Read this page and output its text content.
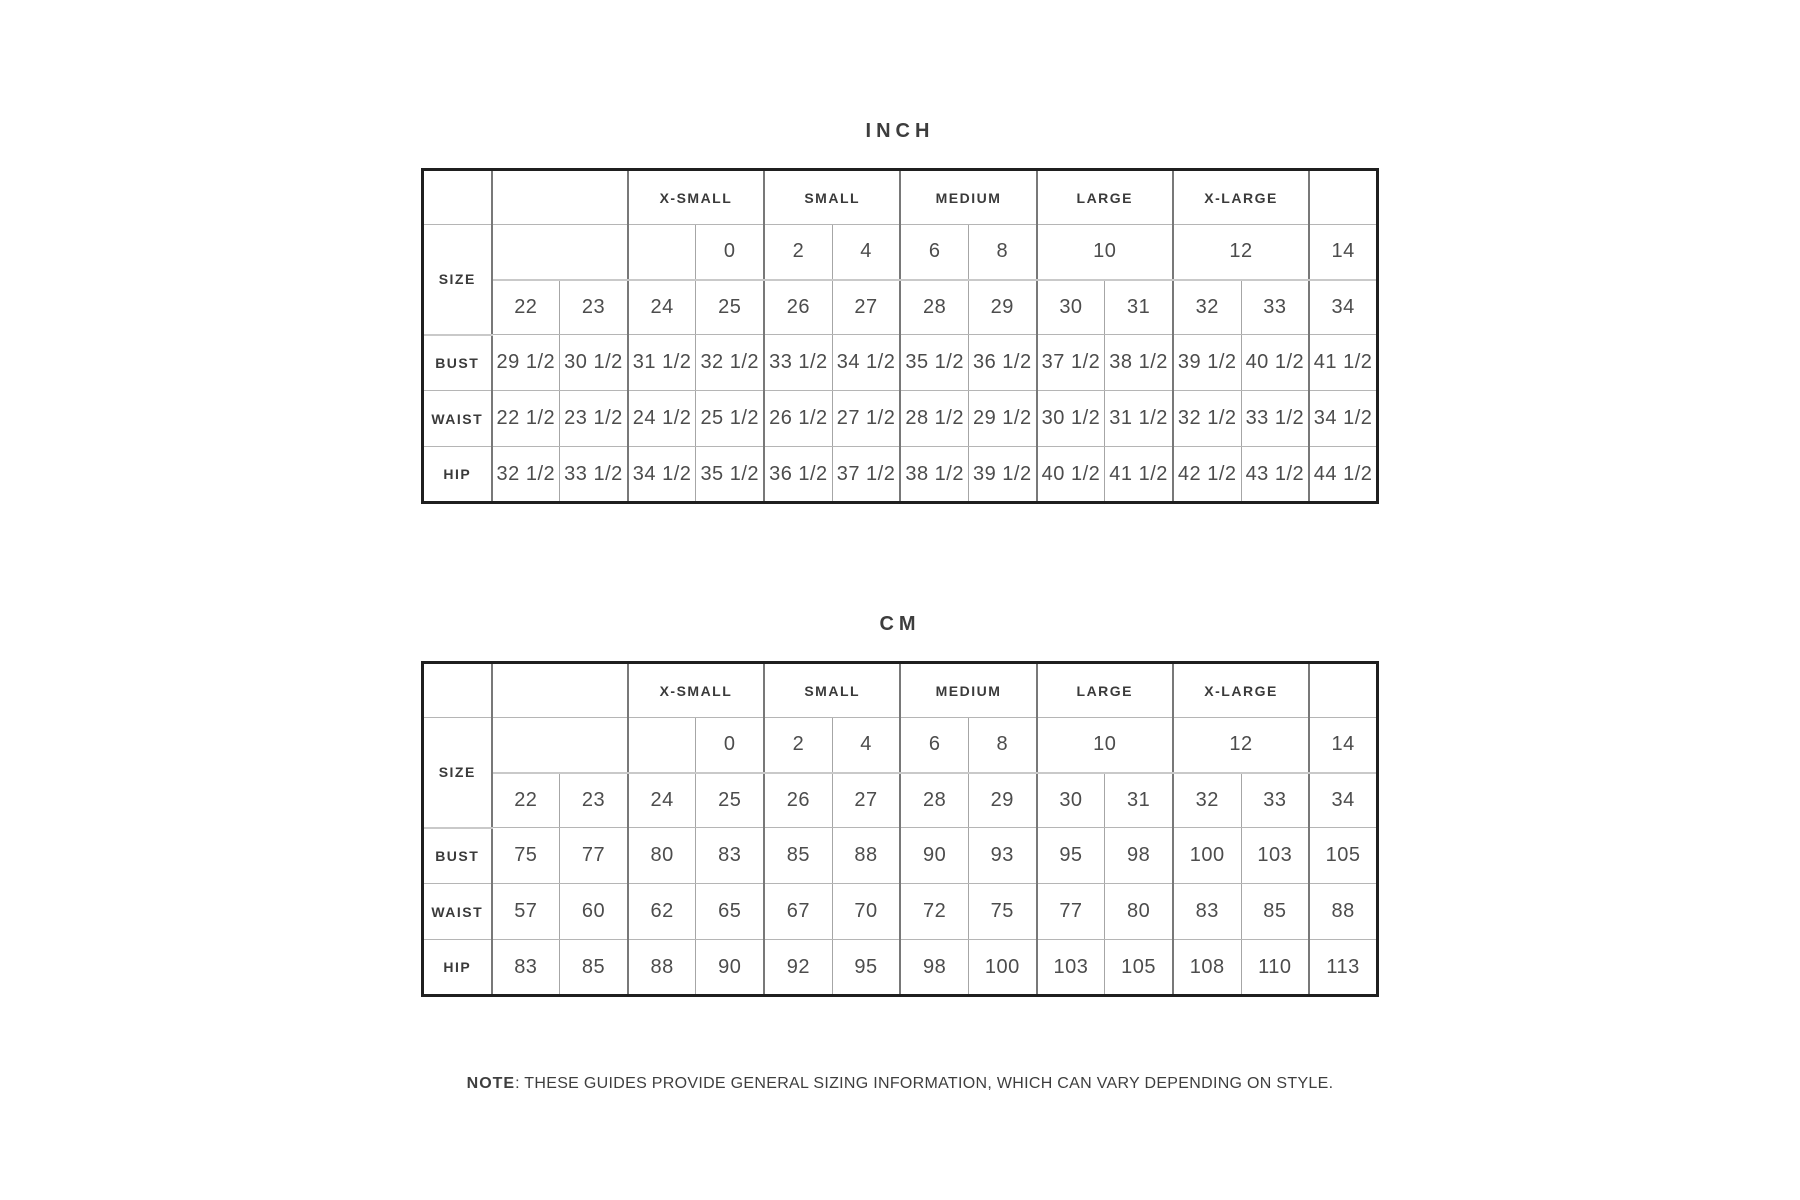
INCH
			X-SMALL		SMALL		MEDIUM		LARGE		X-LARGE		
SIZE				0	2	4	6	8	10		12		14
	22	23	24	25	26	27	28	29	30	31	32	33	34
BUST	29 1/2	30 1/2	31 1/2	32 1/2	33 1/2	34 1/2	35 1/2	36 1/2	37 1/2	38 1/2	39 1/2	40 1/2	41 1/2
WAIST	22 1/2	23 1/2	24 1/2	25 1/2	26 1/2	27 1/2	28 1/2	29 1/2	30 1/2	31 1/2	32 1/2	33 1/2	34 1/2
HIP	32 1/2	33 1/2	34 1/2	35 1/2	36 1/2	37 1/2	38 1/2	39 1/2	40 1/2	41 1/2	42 1/2	43 1/2	44 1/2
CM
			X-SMALL		SMALL		MEDIUM		LARGE		X-LARGE		
SIZE				0	2	4	6	8	10		12		14
	22	23	24	25	26	27	28	29	30	31	32	33	34
BUST	75	77	80	83	85	88	90	93	95	98	100	103	105
WAIST	57	60	62	65	67	70	72	75	77	80	83	85	88
HIP	83	85	88	90	92	95	98	100	103	105	108	110	113

NOTE: THESE GUIDES PROVIDE GENERAL SIZING INFORMATION, WHICH CAN VARY DEPENDING ON STYLE.
